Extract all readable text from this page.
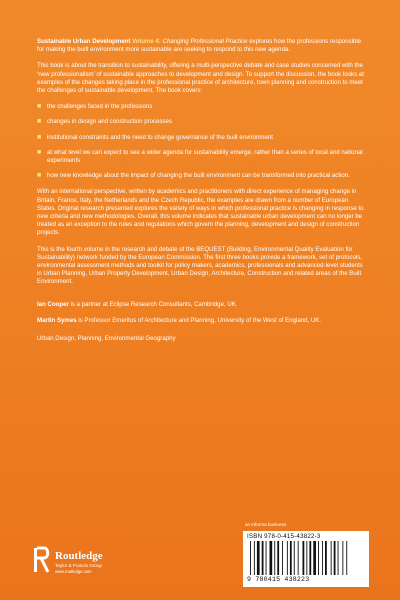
Sustainable Urban Development Volume 4: Changing Professional Practice explores how the professions responsible for making the built environment more sustainable are seeking to respond to this new agenda.

This book is about the transition to sustainability, offering a multi-perspective debate and case studies concerned with the ‘new professionalism’ of sustainable approaches to development and design. To support the discussion, the book looks at examples of the changes taking place in the professional practice of architecture, town planning and construction to meet the challenges of sustainable development. The book covers:

■ the challenges faced in the professions
■ changes in design and construction processes
■ institutional constraints and the need to change governance of the built environment
■ at what level we can expect to see a wider agenda for sustainability emerge, rather than a series of local and national experiments
■ how new knowledge about the impact of changing the built environment can be transformed into practical action.

With an international perspective, written by academics and practitioners with direct experience of managing change in Britain, France, Italy, the Netherlands and the Czech Republic, the examples are drawn from a number of European States. Original research presented explores the variety of ways in which professional practice is changing in response to new criteria and new methodologies. Overall, this volume indicates that sustainable urban development can no longer be treated as an exception to the rules and regulations which govern the planning, development and design of construction projects.

This is the fourth volume in the research and debate of the BEQUEST (Building, Environmental Quality Evaluation for Sustainability) network funded by the European Commission. The first three books provide a framework, set of protocols, environmental assessment methods and toolkit for policy makers, academics, professionals and advanced-level students in Urban Planning, Urban Property Development, Urban Design, Architecture, Construction and related areas of the Built Environment.

Ian Cooper is a partner at Eclipse Research Consultants, Cambridge, UK.

Martin Symes is Professor Emeritus of Architecture and Planning, University of the West of England, UK.

Urban Design, Planning, Environmental Geography

Routledge
Taylor & Francis Group
www.routledge.com
an informa business
ISBN 978-0-415-43822-3
9 780415 438223
